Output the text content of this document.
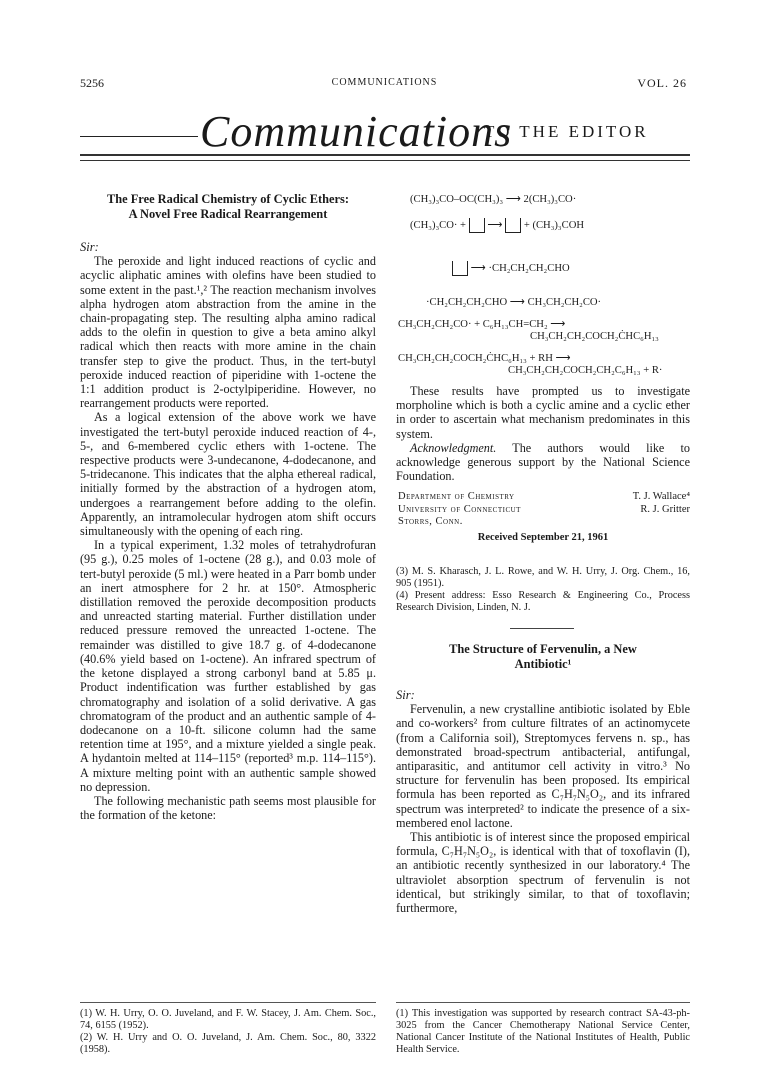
5256	COMMUNICATIONS	VOL. 26
Communications
TO THE EDITOR
The Free Radical Chemistry of Cyclic Ethers:
A Novel Free Radical Rearrangement
Sir:

The peroxide and light induced reactions of cyclic and acyclic aliphatic amines with olefins have been studied to some extent in the past.¹,² The reaction mechanism involves alpha hydrogen atom abstraction from the amine in the chain-propagating step. The resulting alpha amino radical adds to the olefin in question to give a beta amino alkyl radical which then reacts with more amine in the chain transfer step to give the product. Thus, in the tert-butyl peroxide induced reaction of piperidine with 1-octene the 1:1 addition product is 2-octylpiperidine. However, no rearrangement products were reported.

As a logical extension of the above work we have investigated the tert-butyl peroxide induced reaction of 4-, 5-, and 6-membered cyclic ethers with 1-octene. The respective products were 3-undecanone, 4-dodecanone, and 5-tridecanone. This indicates that the alpha ethereal radical, initially formed by the abstraction of a hydrogen atom, undergoes a rearrangement before adding to the olefin. Apparently, an intramolecular hydrogen atom shift occurs simultaneously with the opening of each ring.

In a typical experiment, 1.32 moles of tetrahydrofuran (95 g.), 0.25 moles of 1-octene (28 g.), and 0.03 mole of tert-butyl peroxide (5 ml.) were heated in a Parr bomb under an inert atmosphere for 2 hr. at 150°. Atmospheric distillation removed the peroxide decomposition products and unreacted starting material. Further distillation under reduced pressure removed the unreacted 1-octene. The remainder was distilled to give 18.7 g. of 4-dodecanone (40.6% yield based on 1-octene). An infrared spectrum of the ketone displayed a strong carbonyl band at 5.85 μ. Product indentification was further established by gas chromatography and isolation of a solid derivative. A gas chromatogram of the product and an authentic sample of 4-dodecanone on a 10-ft. silicone column had the same retention time at 195°, and a mixture yielded a single peak. A hydantoin melted at 114–115° (reported³ m.p. 114–115°). A mixture melting point with an authentic sample showed no depression.

The following mechanistic path seems most plausible for the formation of the ketone:

(1) W. H. Urry, O. O. Juveland, and F. W. Stacey, J. Am. Chem. Soc., 74, 6155 (1952).
(2) W. H. Urry and O. O. Juveland, J. Am. Chem. Soc., 80, 3322 (1958).
(CH₃)₃CO–OC(CH₃)₃ ⟶ 2(CH₃)₃CO·
(CH₃)₃CO· + ⟶ + (CH₃)₃COH
⟶ ·CH₂CH₂CH₂CHO
·CH₂CH₂CH₂CHO ⟶ CH₃CH₂CH₂CO·
CH₃CH₂CH₂CO· + C₆H₁₃CH=CH₂ ⟶
CH₃CH₂CH₂COCH₂ĊHC₆H₁₃
CH₃CH₂CH₂COCH₂ĊHC₆H₁₃ + RH ⟶
CH₃CH₂CH₂COCH₂CH₂C₆H₁₃ + R·

These results have prompted us to investigate morpholine which is both a cyclic amine and a cyclic ether in order to ascertain what mechanism predominates in this system.

Acknowledgment. The authors would like to acknowledge generous support by the National Science Foundation.

Department of Chemistry
University of Connecticut
Storrs, Conn.
T. J. Wallace⁴
R. J. Gritter
Received September 21, 1961
(3) M. S. Kharasch, J. L. Rowe, and W. H. Urry, J. Org. Chem., 16, 905 (1951).
(4) Present address: Esso Research & Engineering Co., Process Research Division, Linden, N. J.
The Structure of Fervenulin, a New
Antibiotic¹
Sir:

Fervenulin, a new crystalline antibiotic isolated by Eble and co-workers² from culture filtrates of an actinomycete (from a California soil), Streptomyces fervens n. sp., has demonstrated broad-spectrum antibacterial, antifungal, antiparasitic, and antitumor cell activity in vitro.³ No structure for fervenulin has been proposed. Its empirical formula has been reported as C₇H₇N₅O₂, and its infrared spectrum was interpreted² to indicate the presence of a six-membered enol lactone.

This antibiotic is of interest since the proposed empirical formula, C₇H₇N₅O₂, is identical with that of toxoflavin (I), an antibiotic recently synthesized in our laboratory.⁴ The ultraviolet absorption spectrum of fervenulin is not identical, but strikingly similar, to that of toxoflavin; furthermore,

(1) This investigation was supported by research contract SA-43-ph-3025 from the Cancer Chemotherapy National Service Center, National Cancer Institute of the National Institutes of Health, Public Health Service.
